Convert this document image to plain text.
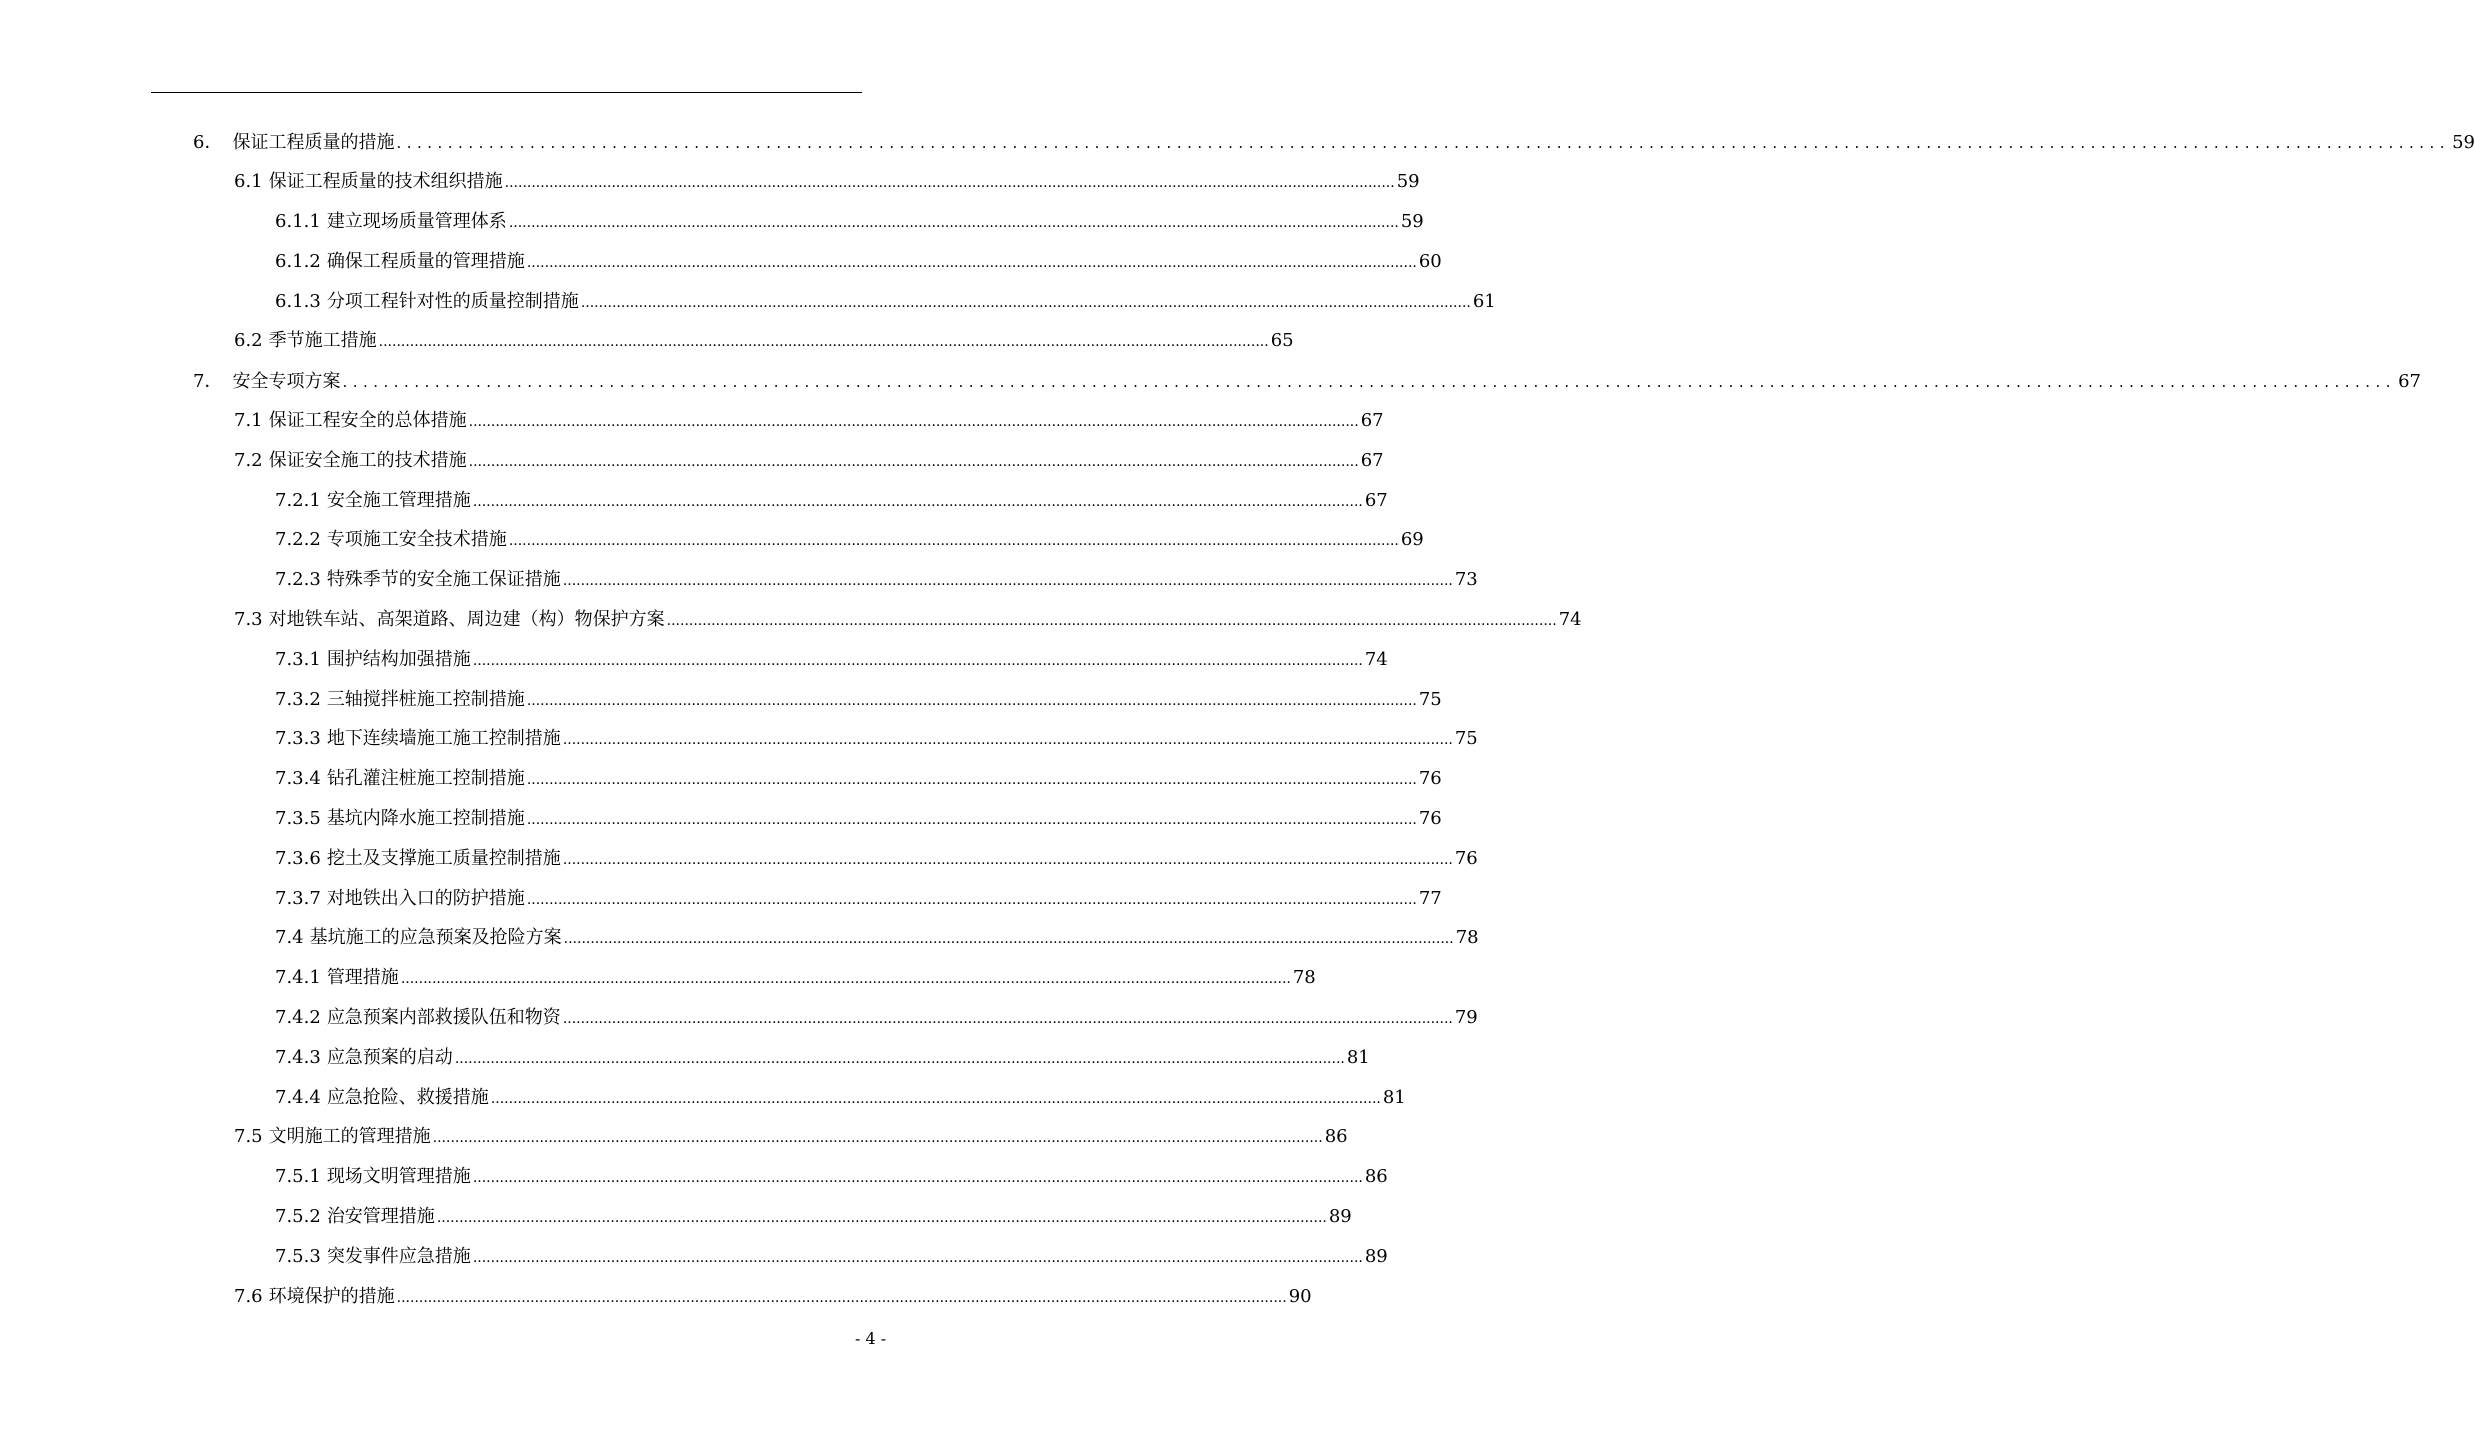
6． 保证工程质量的措施 ........................................................................................................................................................................................................ 59
6.1 保证工程质量的技术组织措施 ........................................................................................................................................................................................................ 59
6.1.1 建立现场质量管理体系 ........................................................................................................................................................................................................ 59
6.1.2 确保工程质量的管理措施 ........................................................................................................................................................................................................ 60
6.1.3 分项工程针对性的质量控制措施 ........................................................................................................................................................................................................ 61
6.2 季节施工措施 ........................................................................................................................................................................................................ 65
7． 安全专项方案 ........................................................................................................................................................................................................ 67
7.1 保证工程安全的总体措施 ........................................................................................................................................................................................................ 67
7.2 保证安全施工的技术措施 ........................................................................................................................................................................................................ 67
7.2.1 安全施工管理措施 ........................................................................................................................................................................................................ 67
7.2.2 专项施工安全技术措施 ........................................................................................................................................................................................................ 69
7.2.3 特殊季节的安全施工保证措施 ........................................................................................................................................................................................................ 73
7.3 对地铁车站、高架道路、周边建（构）物保护方案 ........................................................................................................................................................................................................ 74
7.3.1 围护结构加强措施 ........................................................................................................................................................................................................ 74
7.3.2 三轴搅拌桩施工控制措施 ........................................................................................................................................................................................................ 75
7.3.3 地下连续墙施工施工控制措施 ........................................................................................................................................................................................................ 75
7.3.4 钻孔灌注桩施工控制措施 ........................................................................................................................................................................................................ 76
7.3.5 基坑内降水施工控制措施 ........................................................................................................................................................................................................ 76
7.3.6 挖土及支撑施工质量控制措施 ........................................................................................................................................................................................................ 76
7.3.7 对地铁出入口的防护措施 ........................................................................................................................................................................................................ 77
7.4 基坑施工的应急预案及抢险方案 ........................................................................................................................................................................................................ 78
7.4.1 管理措施 ........................................................................................................................................................................................................ 78
7.4.2 应急预案内部救援队伍和物资 ........................................................................................................................................................................................................ 79
7.4.3 应急预案的启动 ........................................................................................................................................................................................................ 81
7.4.4 应急抢险、救援措施 ........................................................................................................................................................................................................ 81
7.5 文明施工的管理措施 ........................................................................................................................................................................................................ 86
7.5.1 现场文明管理措施 ........................................................................................................................................................................................................ 86
7.5.2 治安管理措施 ........................................................................................................................................................................................................ 89
7.5.3 突发事件应急措施 ........................................................................................................................................................................................................ 89
7.6 环境保护的措施 ........................................................................................................................................................................................................ 90
- 4 -
